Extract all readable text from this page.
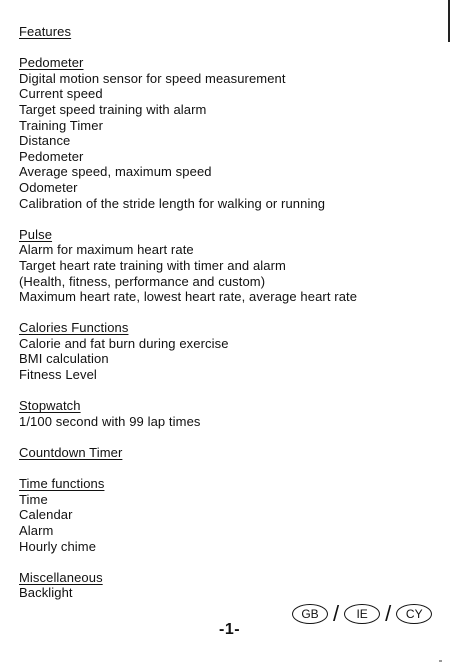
Features
Pedometer
Digital motion sensor for speed measurement
Current speed
Target speed training with alarm
Training Timer
Distance
Pedometer
Average speed, maximum speed
Odometer
Calibration of the stride length for walking or running
Pulse
Alarm for maximum heart rate
Target heart rate training with timer and alarm
(Health, fitness, performance and custom)
Maximum heart rate, lowest heart rate, average heart rate
Calories Functions
Calorie and fat burn during exercise
BMI calculation
Fitness Level
Stopwatch
1/100 second with 99 lap times
Countdown Timer
Time functions
Time
Calendar
Alarm
Hourly chime
Miscellaneous
Backlight
GB /	IE /	CY
-1-
